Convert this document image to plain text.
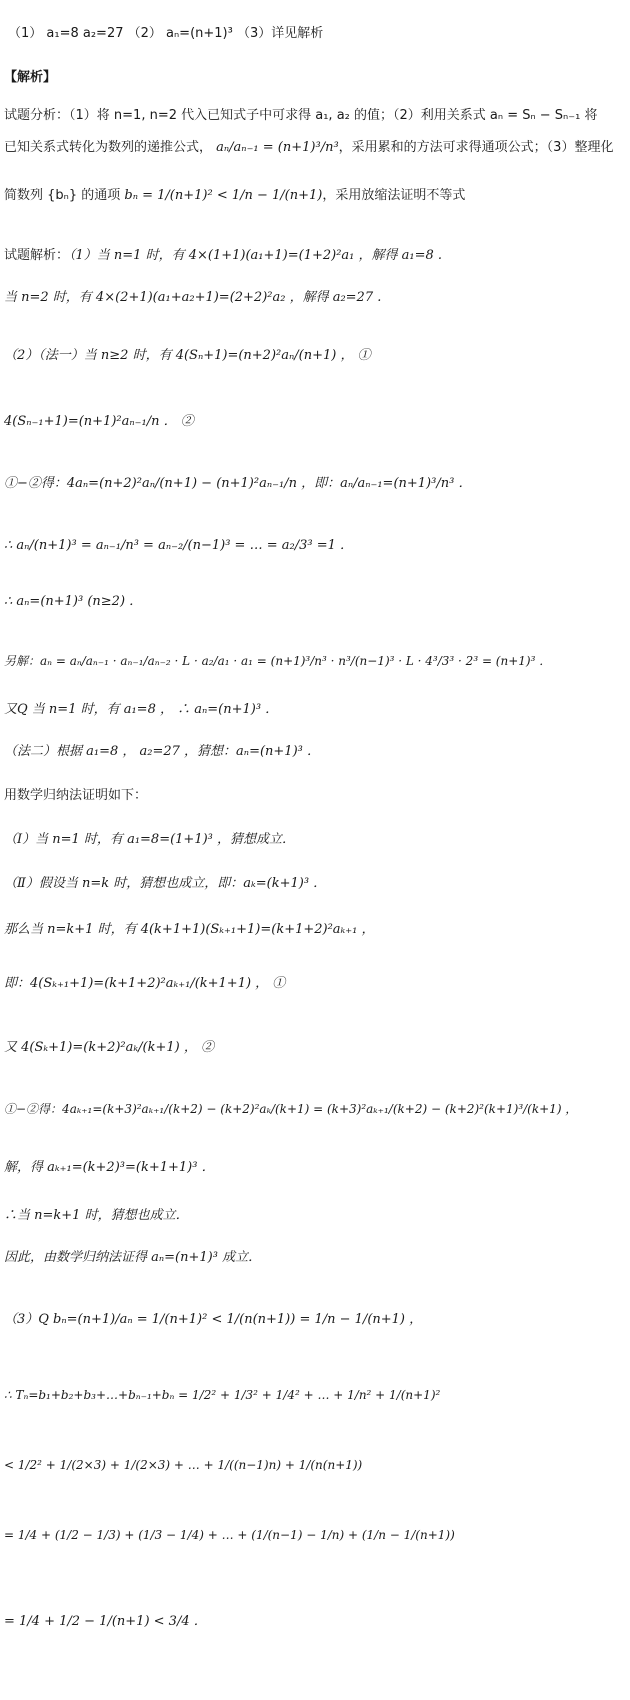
（1） a₁=8 a₂=27 （2） aₙ=(n+1)³ （3）详见解析
【解析】
试题分析：（1）将 n=1, n=2 代入已知式子中可求得 a₁, a₂ 的值；（2）利用关系式 aₙ = Sₙ − Sₙ₋₁ 将
已知关系式转化为数列的递推公式， aₙ/aₙ₋₁ = (n+1)³/n³，采用累和的方法可求得通项公式；（3）整理化
简数列 {bₙ} 的通项 bₙ = 1/(n+1)² < 1/n − 1/(n+1)，采用放缩法证明不等式
试题解析：（1）当 n=1 时，有 4×(1+1)(a₁+1)=(1+2)²a₁ ，解得 a₁=8 .
当 n=2 时，有 4×(2+1)(a₁+a₂+1)=(2+2)²a₂ ，解得 a₂=27 .
（2）（法一）当 n≥2 时，有 4(Sₙ+1)=(n+2)²aₙ/(n+1) ， ①
4(Sₙ₋₁+1)=(n+1)²aₙ₋₁/n ． ②
①−②得：4aₙ=(n+2)²aₙ/(n+1) − (n+1)²aₙ₋₁/n ，即：aₙ/aₙ₋₁=(n+1)³/n³ ．
∴ aₙ/(n+1)³ = aₙ₋₁/n³ = aₙ₋₂/(n−1)³ = … = a₂/3³ =1 ．
∴ aₙ=(n+1)³ (n≥2) ．
另解：aₙ = aₙ/aₙ₋₁ · aₙ₋₁/aₙ₋₂ · L · a₂/a₁ · a₁ = (n+1)³/n³ · n³/(n−1)³ · L · 4³/3³ · 2³ = (n+1)³ ．
又Q 当 n=1 时，有 a₁=8 ， ∴ aₙ=(n+1)³ ．
（法二）根据 a₁=8 ， a₂=27 ，猜想：aₙ=(n+1)³ ．
用数学归纳法证明如下：
（Ⅰ）当 n=1 时，有 a₁=8=(1+1)³ ，猜想成立．
（Ⅱ）假设当 n=k 时，猜想也成立，即：aₖ=(k+1)³ ．
那么当 n=k+1 时，有 4(k+1+1)(Sₖ₊₁+1)=(k+1+2)²aₖ₊₁ ，
即：4(Sₖ₊₁+1)=(k+1+2)²aₖ₊₁/(k+1+1) ， ①
又 4(Sₖ+1)=(k+2)²aₖ/(k+1) ， ②
①−②得：4aₖ₊₁=(k+3)²aₖ₊₁/(k+2) − (k+2)²aₖ/(k+1) = (k+3)²aₖ₊₁/(k+2) − (k+2)²(k+1)³/(k+1) ，
解，得 aₖ₊₁=(k+2)³=(k+1+1)³ ．
∴当 n=k+1 时，猜想也成立．
因此，由数学归纳法证得 aₙ=(n+1)³ 成立．
（3）Q bₙ=(n+1)/aₙ = 1/(n+1)² < 1/(n(n+1)) = 1/n − 1/(n+1) ，
∴ Tₙ=b₁+b₂+b₃+…+bₙ₋₁+bₙ = 1/2² + 1/3² + 1/4² + … + 1/n² + 1/(n+1)²
< 1/2² + 1/(2×3) + 1/(2×3) + … + 1/((n−1)n) + 1/(n(n+1))
= 1/4 + (1/2 − 1/3) + (1/3 − 1/4) + … + (1/(n−1) − 1/n) + (1/n − 1/(n+1))
= 1/4 + 1/2 − 1/(n+1) < 3/4 ．
